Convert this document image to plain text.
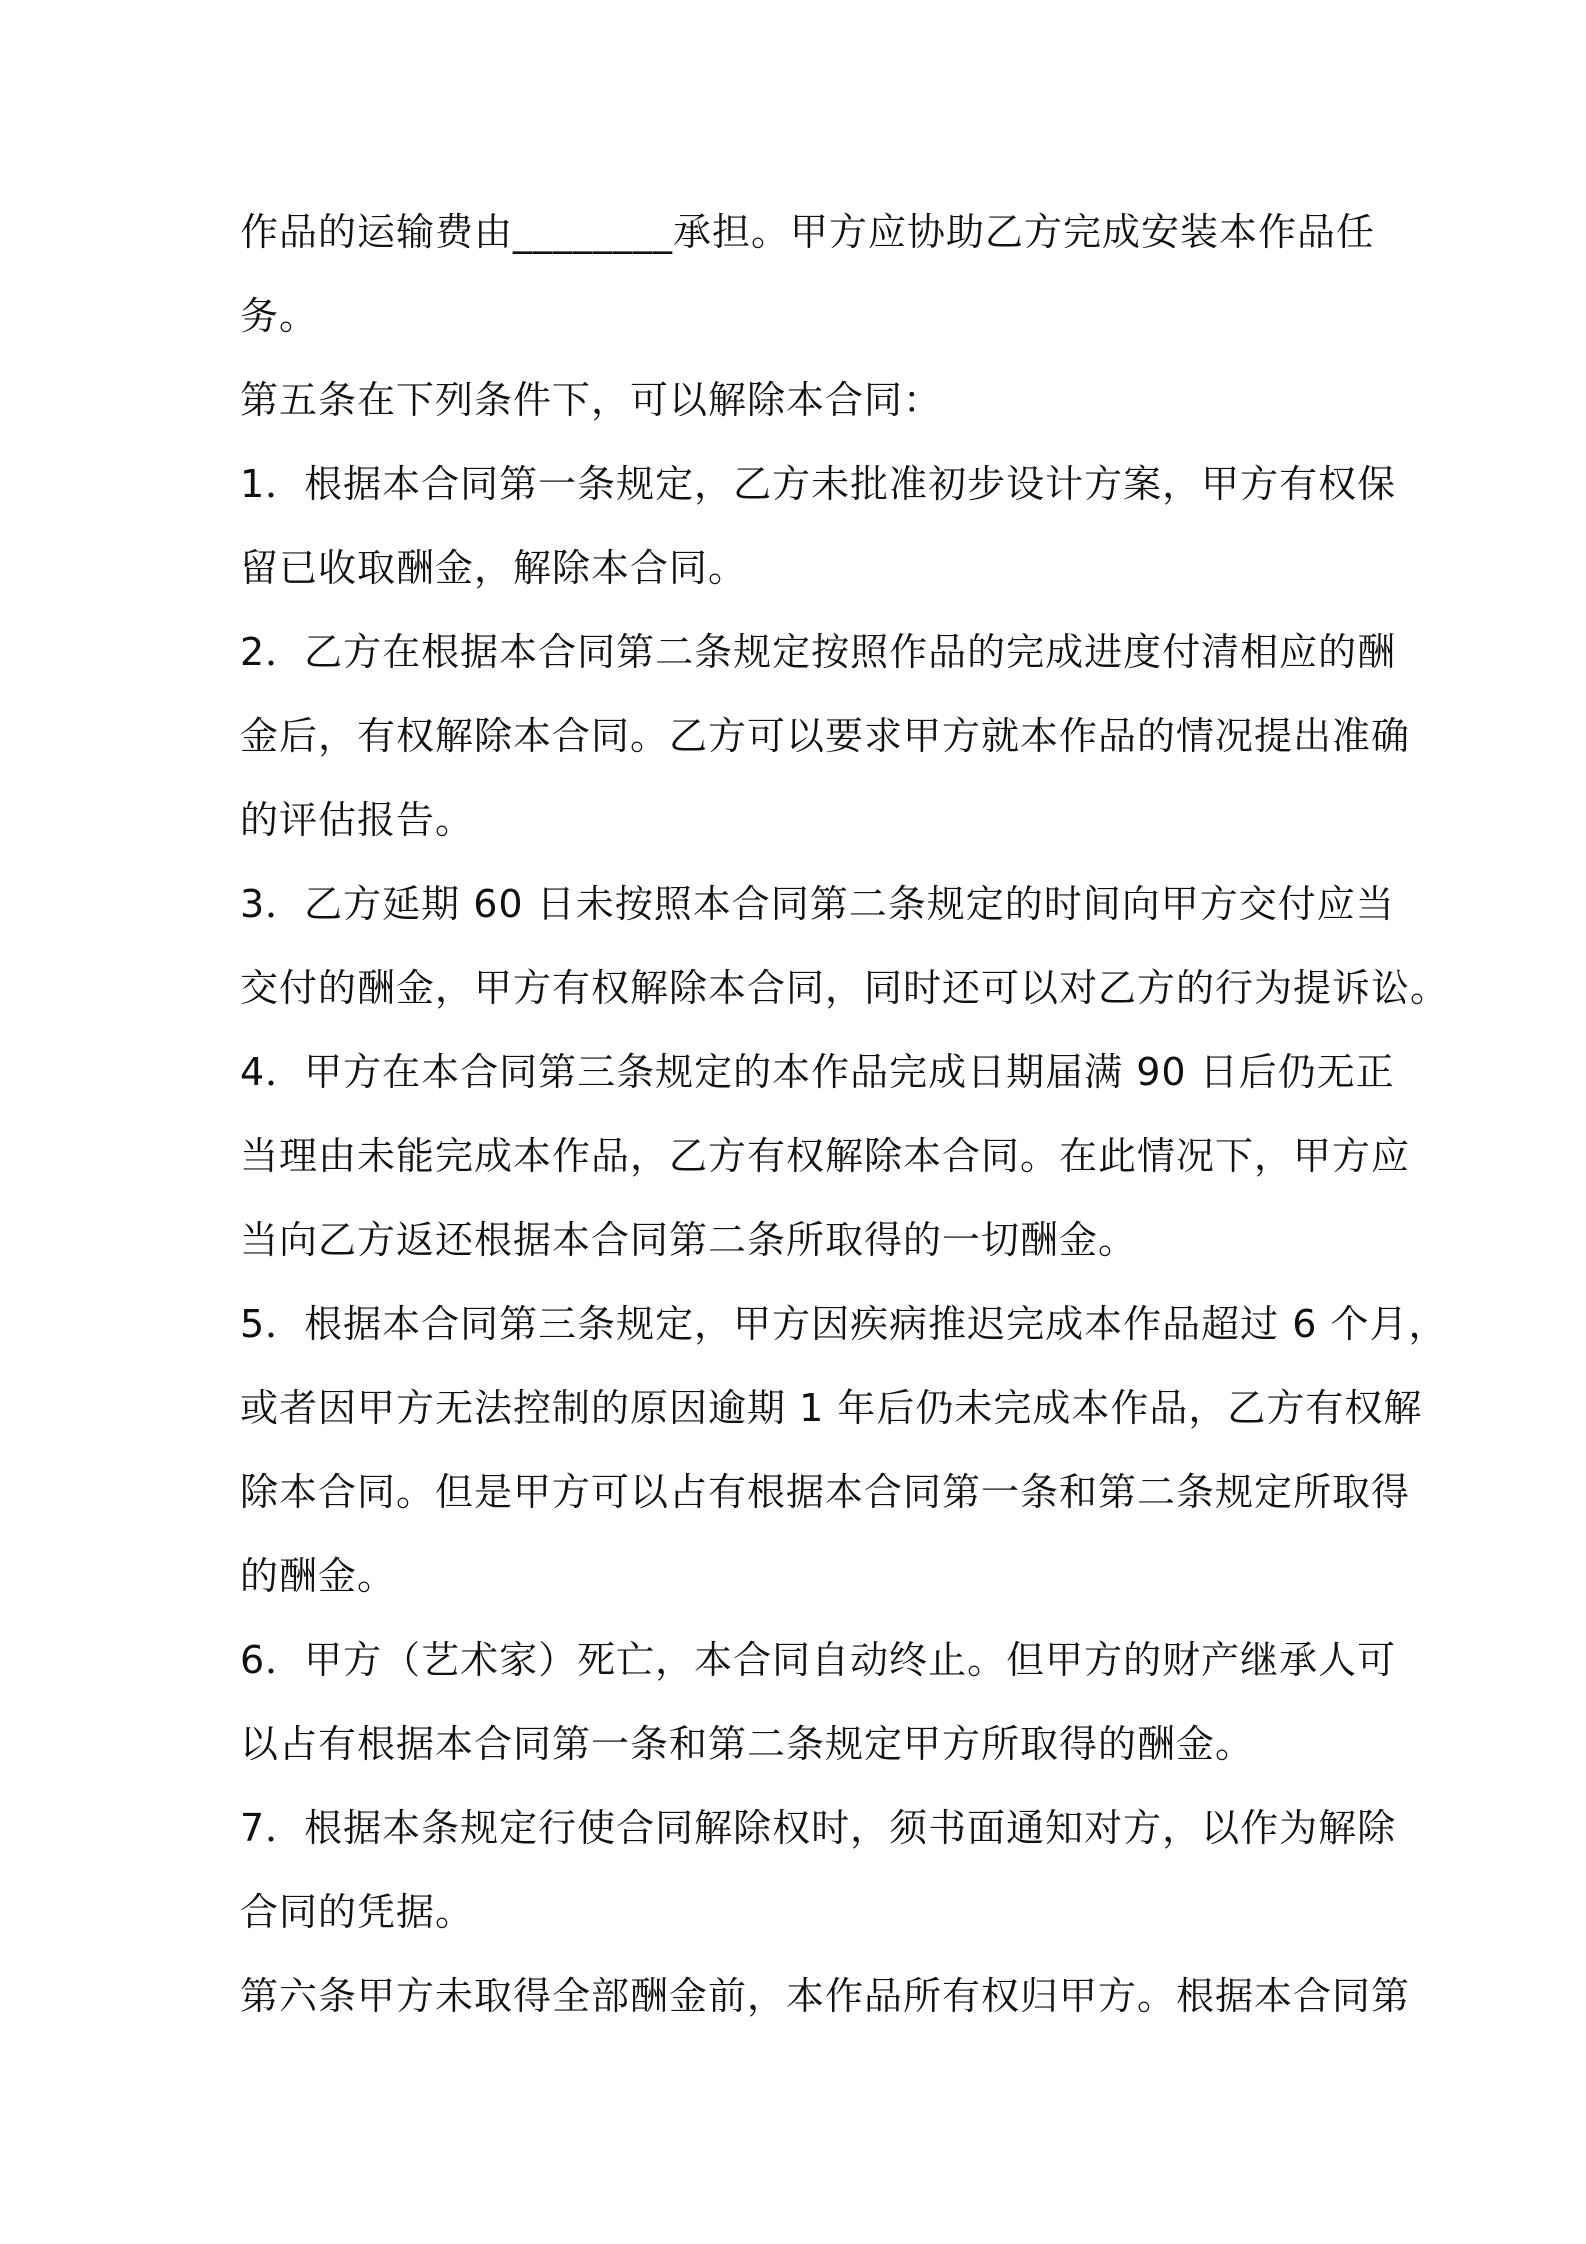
作品的运输费由________承担。甲方应协助乙方完成安装本作品任
务。
第五条在下列条件下，可以解除本合同：
1．根据本合同第一条规定，乙方未批准初步设计方案，甲方有权保
留已收取酬金，解除本合同。
2．乙方在根据本合同第二条规定按照作品的完成进度付清相应的酬
金后，有权解除本合同。乙方可以要求甲方就本作品的情况提出准确
的评估报告。
3．乙方延期 60 日未按照本合同第二条规定的时间向甲方交付应当
交付的酬金，甲方有权解除本合同，同时还可以对乙方的行为提诉讼。
4．甲方在本合同第三条规定的本作品完成日期届满 90 日后仍无正
当理由未能完成本作品，乙方有权解除本合同。在此情况下，甲方应
当向乙方返还根据本合同第二条所取得的一切酬金。
5．根据本合同第三条规定，甲方因疾病推迟完成本作品超过 6 个月，
或者因甲方无法控制的原因逾期 1 年后仍未完成本作品，乙方有权解
除本合同。但是甲方可以占有根据本合同第一条和第二条规定所取得
的酬金。
6．甲方（艺术家）死亡，本合同自动终止。但甲方的财产继承人可
以占有根据本合同第一条和第二条规定甲方所取得的酬金。
7．根据本条规定行使合同解除权时，须书面通知对方，以作为解除
合同的凭据。
第六条甲方未取得全部酬金前，本作品所有权归甲方。根据本合同第
